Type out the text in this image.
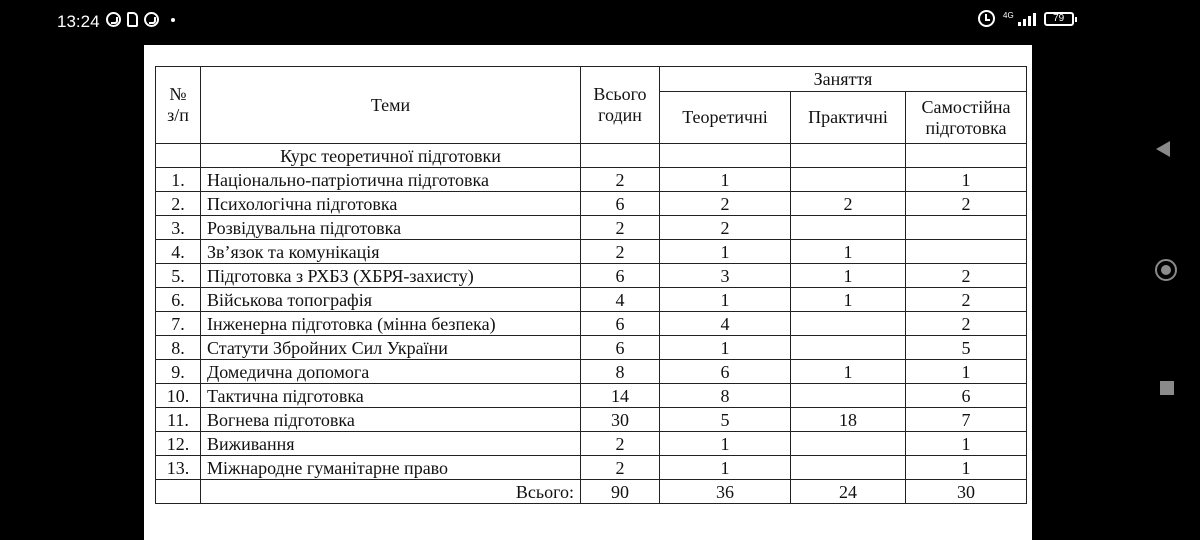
13:24	4G	79
№ з/п	Теми	Всього годин	Заняття		
			Теоретичні	Практичні	Самостійна підготовка
	Курс теоретичної підготовки				
1.	Національно-патріотична підготовка	2	1		1
2.	Психологічна підготовка	6	2	2	2
3.	Розвідувальна підготовка	2	2		
4.	Зв’язок та комунікація	2	1	1	
5.	Підготовка з РХБЗ (ХБРЯ-захисту)	6	3	1	2
6.	Військова топографія	4	1	1	2
7.	Інженерна підготовка (мінна безпека)	6	4		2
8.	Статути Збройних Сил України	6	1		5
9.	Домедична допомога	8	6	1	1
10.	Тактична підготовка	14	8		6
11.	Вогнева підготовка	30	5	18	7
12.	Виживання	2	1		1
13.	Міжнародне гуманітарне право	2	1		1
	Всього:	90	36	24	30
